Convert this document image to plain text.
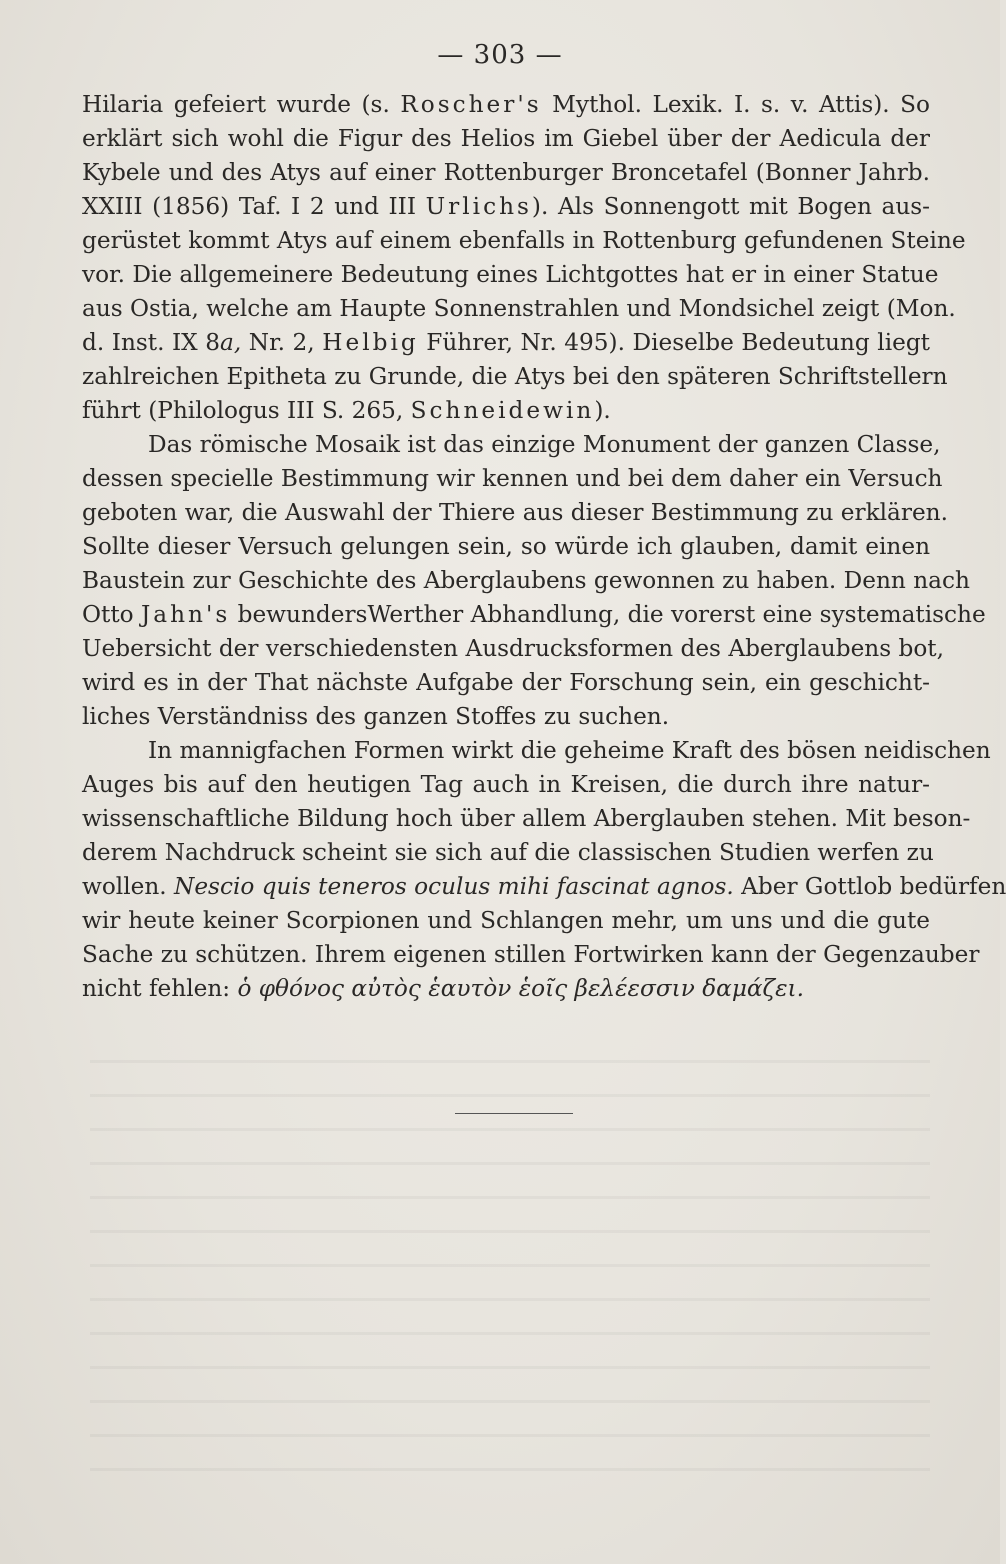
— 303 —
Hilaria gefeiert wurde (s. Roscher's Mythol. Lexik. I. s. v. Attis). So
erklärt sich wohl die Figur des Helios im Giebel über der Aedicula der
Kybele und des Atys auf einer Rottenburger Broncetafel (Bonner Jahrb.
XXIII (1856) Taf. I 2 und III Urlichs). Als Sonnengott mit Bogen aus-
gerüstet kommt Atys auf einem ebenfalls in Rottenburg gefundenen Steine
vor. Die allgemeinere Bedeutung eines Lichtgottes hat er in einer Statue
aus Ostia, welche am Haupte Sonnenstrahlen und Mondsichel zeigt (Mon.
d. Inst. IX 8a, Nr. 2, Helbig Führer, Nr. 495). Dieselbe Bedeutung liegt
zahlreichen Epitheta zu Grunde, die Atys bei den späteren Schriftstellern
führt (Philologus III S. 265, Schneidewin).
Das römische Mosaik ist das einzige Monument der ganzen Classe,
dessen specielle Bestimmung wir kennen und bei dem daher ein Versuch
geboten war, die Auswahl der Thiere aus dieser Bestimmung zu erklären.
Sollte dieser Versuch gelungen sein, so würde ich glauben, damit einen
Baustein zur Geschichte des Aberglaubens gewonnen zu haben. Denn nach
Otto Jahn's bewundersWerther Abhandlung, die vorerst eine systematische
Uebersicht der verschiedensten Ausdrucksformen des Aberglaubens bot,
wird es in der That nächste Aufgabe der Forschung sein, ein geschicht-
liches Verständniss des ganzen Stoffes zu suchen.
In mannigfachen Formen wirkt die geheime Kraft des bösen neidischen
Auges bis auf den heutigen Tag auch in Kreisen, die durch ihre natur-
wissenschaftliche Bildung hoch über allem Aberglauben stehen. Mit beson-
derem Nachdruck scheint sie sich auf die classischen Studien werfen zu
wollen. Nescio quis teneros oculus mihi fascinat agnos. Aber Gottlob bedürfen
wir heute keiner Scorpionen und Schlangen mehr, um uns und die gute
Sache zu schützen. Ihrem eigenen stillen Fortwirken kann der Gegenzauber
nicht fehlen: ὁ φθόνος αὐτὸς ἑαυτὸν ἑοῖς βελέεσσιν δαμάζει.
